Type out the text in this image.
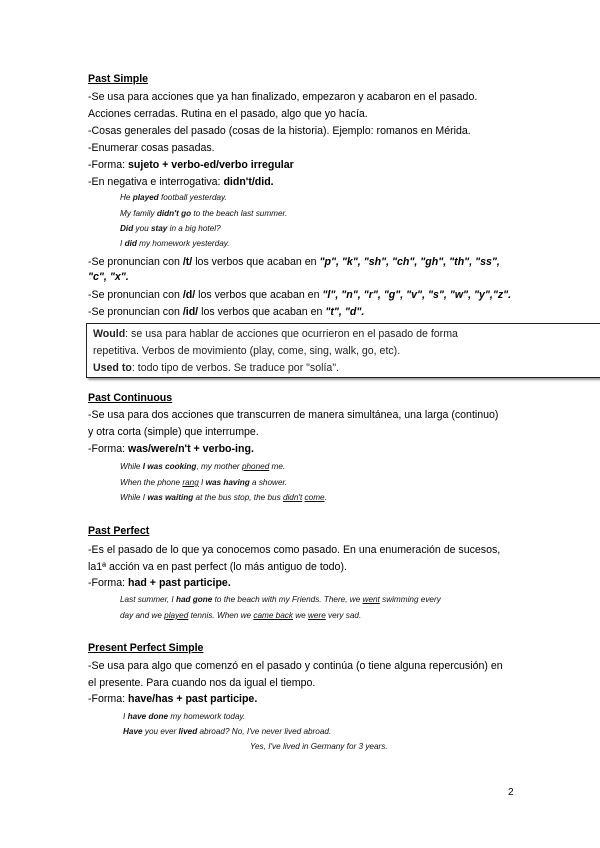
Past Simple
-Se usa para acciones que ya han finalizado, empezaron y acabaron en el pasado.
Acciones cerradas. Rutina en el pasado, algo que yo hacía.
-Cosas generales del pasado (cosas de la historia). Ejemplo: romanos en Mérida.
-Enumerar cosas pasadas.
-Forma: sujeto + verbo-ed/verbo irregular
-En negativa e interrogativa: didn't/did.
He played football yesterday.
My family didn't go to the beach last summer.
Did you stay in a big hotel?
I did my homework yesterday.
-Se pronuncian con /t/ los verbos que acaban en "p", "k", "sh", "ch", "gh", "th", "ss",
"c", "x".
-Se pronuncian con /d/ los verbos que acaban en "l", "n", "r", "g", "v", "s", "w", "y","z".
-Se pronuncian con /id/ los verbos que acaban en "t", "d".
Would: se usa para hablar de acciones que ocurrieron en el pasado de forma
repetitiva. Verbos de movimiento (play, come, sing, walk, go, etc).
Used to: todo tipo de verbos. Se traduce por "solía".
Past Continuous
-Se usa para dos acciones que transcurren de manera simultánea, una larga (continuo)
y otra corta (simple) que interrumpe.
-Forma: was/were/n't + verbo-ing.
While I was cooking, my mother phoned me.
When the phone rang I was having a shower.
While I was waiting at the bus stop, the bus didn't come.
Past Perfect
-Es el pasado de lo que ya conocemos como pasado. En una enumeración de sucesos,
la1ª acción va en past perfect (lo más antiguo de todo).
-Forma: had + past participe.
Last summer, I had gone to the beach with my Friends. There, we went swimming every
day and we played tennis. When we came back we were very sad.
Present Perfect Simple
-Se usa para algo que comenzó en el pasado y continúa (o tiene alguna repercusión) en
el presente. Para cuando nos da igual el tiempo.
-Forma: have/has + past participe.
I have done my homework today.
Have you ever lived abroad? No, I've never lived abroad.
Yes, I've lived in Germany for 3 years.
2
